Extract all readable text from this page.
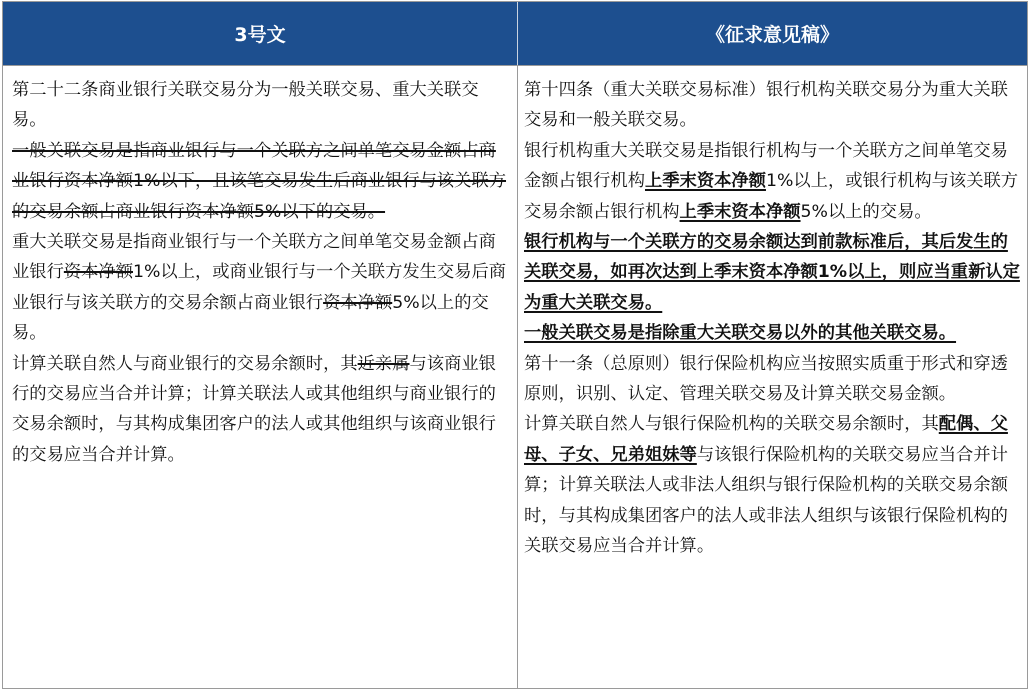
3号文	《征求意见稿》

第二十二条商业银行关联交易分为一般关联交易、重大关联交易。

一般关联交易是指商业银行与一个关联方之间单笔交易金额占商业银行资本净额1%以下，且该笔交易发生后商业银行与该关联方的交易余额占商业银行资本净额5%以下的交易。

重大关联交易是指商业银行与一个关联方之间单笔交易金额占商业银行资本净额1%以上，或商业银行与一个关联方发生交易后商业银行与该关联方的交易余额占商业银行资本净额5%以上的交易。

计算关联自然人与商业银行的交易余额时，其近亲属与该商业银行的交易应当合并计算；计算关联法人或其他组织与商业银行的交易余额时，与其构成集团客户的法人或其他组织与该商业银行的交易应当合并计算。

第十四条（重大关联交易标准）银行机构关联交易分为重大关联交易和一般关联交易。

银行机构重大关联交易是指银行机构与一个关联方之间单笔交易金额占银行机构上季末资本净额1%以上，或银行机构与该关联方交易余额占银行机构上季末资本净额5%以上的交易。

银行机构与一个关联方的交易余额达到前款标准后，其后发生的关联交易，如再次达到上季末资本净额1%以上，则应当重新认定为重大关联交易。

一般关联交易是指除重大关联交易以外的其他关联交易。

第十一条（总原则）银行保险机构应当按照实质重于形式和穿透原则，识别、认定、管理关联交易及计算关联交易金额。

计算关联自然人与银行保险机构的关联交易余额时，其配偶、父母、子女、兄弟姐妹等与该银行保险机构的关联交易应当合并计算；计算关联法人或非法人组织与银行保险机构的关联交易余额时，与其构成集团客户的法人或非法人组织与该银行保险机构的关联交易应当合并计算。
